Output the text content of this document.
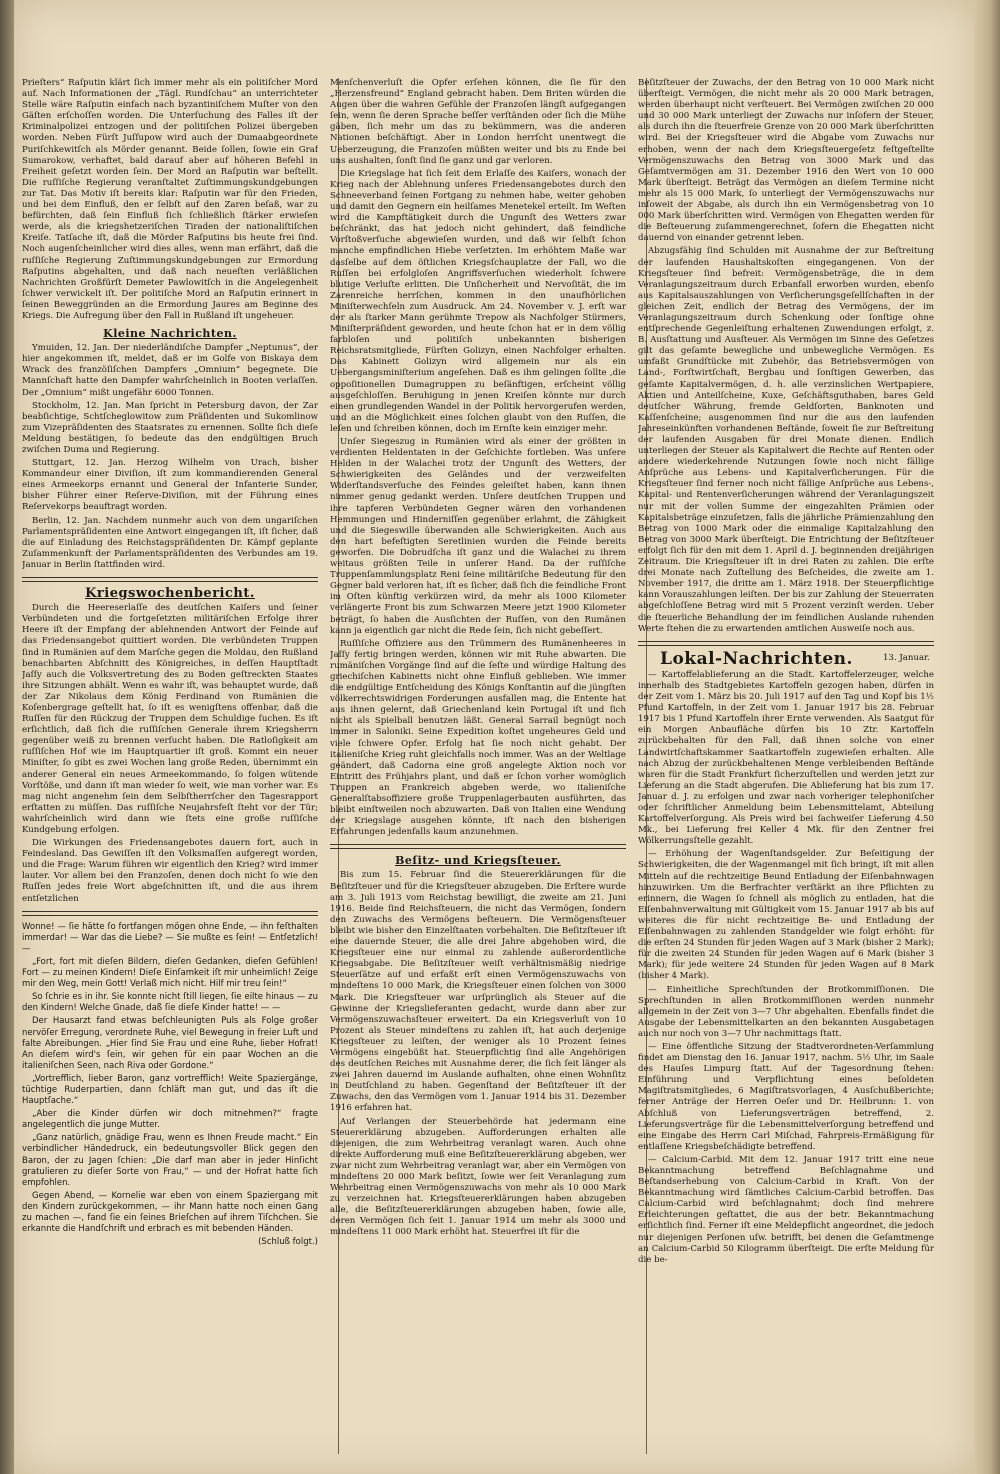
Prieſters“ Raſputin klärt ſich immer mehr als ein politiſcher Mord auf. Nach Informationen der „Tägl. Rundſchau“ an unterrichteter Stelle wäre Raſputin einfach nach byzantiniſchem Muſter von den Gäſten erſchoſſen worden. Die Unterſuchung des Falles iſt der Kriminalpolizei entzogen und der politiſchen Polizei übergeben worden. Neben Fürſt Juſſupow wird auch der Dumaabgeordnete Puriſchkewitſch als Mörder genannt. Beide ſollen, ſowie ein Graf Sumarokow, verhaftet, bald darauf aber auf höheren Befehl in Freiheit geſetzt worden ſein. Der Mord an Raſputin war beſtellt. Die ruſſiſche Regierung veranſtaltet Zuſtimmungskundgebungen zur Tat. Das Motiv iſt bereits klar: Raſputin war für den Frieden, und bei dem Einfluß, den er ſelbſt auf den Zaren beſaß, war zu befürchten, daß ſein Einfluß ſich ſchließlich ſtärker erwieſen werde, als die kriegshetzeriſchen Tiraden der nationaliſtiſchen Kreiſe. Tatſache iſt, daß die Mörder Raſputins bis heute frei ſind. Noch augenſcheinlicher wird dies alles, wenn man erfährt, daß die ruſſiſche Regierung Zuſtimmungskundgebungen zur Ermordung Raſputins abgehalten, und daß nach neueſten verläßlichen Nachrichten Großfürſt Demeter Pawlowitſch in die Angelegenheit ſchwer verwickelt iſt. Der politiſche Mord an Raſputin erinnert in ſeinen Beweggründen an die Ermordung Jaures am Beginne des Kriegs. Die Aufregung über den Fall in Rußland iſt ungeheuer.

Kleine Nachrichten.

Ymuiden, 12. Jan. Der niederländiſche Dampfer „Neptunus“, der hier angekommen iſt, meldet, daß er im Golfe von Biskaya dem Wrack des franzöſiſchen Dampfers „Omnium“ begegnete. Die Mannſchaft hatte den Dampfer wahrſcheinlich in Booten verlaſſen. Der „Omnium“ mißt ungefähr 6000 Tonnen.

Stockholm, 12. Jan. Man ſpricht in Petersburg davon, der Zar beabſichtige, Schtſcheglowitow zum Präſidenten und Sukomlinow zum Vizepräſidenten des Staatsrates zu ernennen. Sollte ſich dieſe Meldung bestätigen, ſo bedeute das den endgültigen Bruch zwiſchen Duma und Regierung.

Stuttgart, 12. Jan. Herzog Wilhelm von Urach, bisher Kommandeur einer Diviſion, iſt zum kommandierenden General eines Armeekorps ernannt und General der Infanterie Sunder, bisher Führer einer Reſerve-Diviſion, mit der Führung eines Reſervekorps beauftragt worden.

Berlin, 12. Jan. Nachdem nunmehr auch von dem ungariſchen Parlamentspräſidenten eine Antwort eingegangen iſt, iſt ſicher, daß die auf Einladung des Reichstagspräſidenten Dr. Kämpf geplante Zuſammenkunft der Parlamentspräſidenten des Verbundes am 19. Januar in Berlin ſtattfinden wird.

Kriegswochenbericht.

Durch die Heereserlaſſe des deutſchen Kaiſers und ſeiner Verbündeten und die fortgeſetzten militäriſchen Erfolge ihrer Heere iſt der Empfang der ablehnenden Antwort der Feinde auf das Friedensangebot quittiert worden. Die verbündeten Truppen ſind in Rumänien auf dem Marſche gegen die Moldau, den Rußland benachbarten Abſchnitt des Königreiches, in deſſen Hauptſtadt Jaſſy auch die Volksvertretung des zu Boden geſtreckten Staates ihre Sitzungen abhält. Wenn es wahr iſt, was behauptet wurde, daß der Zar Nikolaus dem König Ferdinand von Rumänien die Koſenbergrage geſtellt hat, ſo iſt es wenigſtens offenbar, daß die Ruſſen für den Rückzug der Truppen dem Schuldige ſuchen. Es iſt erſichtlich, daß ſich die ruſſiſchen Generale ihrem Kriegsherrn gegenüber weiß zu brennen verſucht haben. Die Ratloſigkeit am ruſſiſchen Hof wie im Hauptquartier iſt groß. Kommt ein neuer Miniſter, ſo gibt es zwei Wochen lang große Reden, übernimmt ein anderer General ein neues Armeekommando, ſo folgen wütende Vorſtöße, und dann iſt man wieder ſo weit, wie man vorher war. Es mag nicht angenehm ſein dem Selbſtherrſcher den Tagesrapport erſtatten zu müſſen. Das ruſſiſche Neujahrsfeſt ſteht vor der Tür; wahrſcheinlich wird dann wie ſtets eine große ruſſiſche Kundgebung erfolgen.

Die Wirkungen des Friedensangebotes dauern fort, auch in Feindesland. Das Gewiſſen iſt den Volksmaſſen aufgeregt worden, und die Frage: Warum führen wir eigentlich den Krieg? wird immer lauter. Vor allem bei den Franzoſen, denen doch nicht ſo wie den Ruſſen jedes freie Wort abgeſchnitten iſt, und die aus ihrem entſetzlichen

Wonne! — ſie hätte ſo fortfangen mögen ohne Ende, — ihn feſthalten immerdar! — War das die Liebe? — Sie mußte es ſein! — Entſetzlich! —

„Fort, fort mit dieſen Bildern, dieſen Gedanken, dieſen Gefühlen! Fort — zu meinen Kindern! Dieſe Einſamkeit iſt mir unheimlich! Zeige mir den Weg, mein Gott! Verlaß mich nicht. Hilf mir treu ſein!“

So ſchrie es in ihr. Sie konnte nicht ſtill liegen, ſie eilte hinaus — zu den Kindern! Welche Gnade, daß ſie dieſe Kinder hatte! — —

Der Hausarzt fand etwas beſchleunigten Puls als Folge großer nervöſer Erregung, verordnete Ruhe, viel Bewegung in freier Luft und falte Abreibungen. „Hier ſind Sie Frau und eine Ruhe, lieber Hofrat! An dieſem wird's ſein, wir gehen für ein paar Wochen an die italieniſchen Seen, nach Riva oder Gordone.“

„Vortrefflich, lieber Baron, ganz vortrefflich! Weite Spaziergänge, tüchtige Ruderpartien, dann ſchläft man gut, und das iſt die Hauptſache.“

„Aber die Kinder dürfen wir doch mitnehmen?“ fragte angelegentlich die junge Mutter.

„Ganz natürlich, gnädige Frau, wenn es Ihnen Freude macht.“ Ein verbindlicher Händedruck, ein bedeutungsvoller Blick gegen den Baron, der zu Jagen ſchien: „Die darf man aber in jeder Hinſicht gratulieren zu dieſer Sorte von Frau,“ — und der Hofrat hatte ſich empfohlen.

Gegen Abend, — Kornelie war eben von einem Spaziergang mit den Kindern zurückgekommen, — ihr Mann hatte noch einen Gang zu machen —, fand ſie ein ſeines Brieſchen auf ihrem Tiſchchen. Sie erkannte die Handſchrift und erbrach es mit bebenden Händen.

(Schluß folgt.)

Menſchenverluſt die Opfer erſehen können, die ſie für den „Herzensfreund“ England gebracht haben. Dem Briten würden die Augen über die wahren Gefühle der Franzoſen längſt aufgegangen ſein, wenn ſie deren Sprache beſſer verſtänden oder ſich die Mühe gäben, ſich mehr um das zu bekümmern, was die anderen Nationen beſchäftigt. Aber in London herrſcht unentwegt die Ueberzeugung, die Franzoſen müßten weiter und bis zu Ende bei uns aushalten, ſonſt ſind ſie ganz und gar verloren.

Die Kriegslage hat ſich ſeit dem Erlaſſe des Kaiſers, wonach der Krieg nach der Ablehnung unſeres Friedensangebotes durch den Schneeverband ſeinen Fortgang zu nehmen habe, weiter gehoben und damit den Gegnern ein heilſames Menetekel erteilt. Im Weſten wird die Kampftätigkeit durch die Ungunſt des Wetters zwar beſchränkt, das hat jedoch nicht gehindert, daß feindliche Vorſtoßverſuche abgewieſen wurden, und daß wir ſelbſt ſchon manche empfindlichen Hiebe verſetzten. Im erhöhtem Maße war dasſelbe auf dem öſtlichen Kriegsſchauplatze der Fall, wo die Ruſſen bei erfolgloſen Angriffsverſuchen wiederholt ſchwere blutige Verluſte erlitten. Die Unſicherheit und Nervoſität, die im Zarenreiche herrſchen, kommen in den unaufhörlichen Miniſterwechſeln zum Ausdruck. Am 24. November v. J. erſt war der als ſtarker Mann gerühmte Trepow als Nachfolger Stürmers, Miniſterpräſident geworden, und heute ſchon hat er in dem völlig farbloſen und politiſch unbekannten bisherigen Reichsratsmitgliede, Fürſten Golizyn, einen Nachfolger erhalten. Das Kabinett Golizyn wird allgemein nur als ein Uebergangsminiſterium angeſehen. Daß es ihm gelingen ſollte ,die oppoſitionellen Dumagruppen zu beſänftigen, erſcheint völlig ausgeſchloſſen. Beruhigung in jenen Kreiſen könnte nur durch einen grundlegenden Wandel in der Politik hervorgerufen werden, und an die Möglichkeit eines ſolchen glaubt von den Ruſſen, die leſen und ſchreiben können, doch im Ernſte kein einziger mehr.

Unſer Siegeszug in Rumänien wird als einer der größten in verdienten Heldentaten in der Geſchichte fortleben. Was unſere Helden in der Walachei trotz der Ungunſt des Wetters, der Schwierigkeiten des Geländes und der verzweifelten Widerſtandsverſuche des Feindes geleiſtet haben, kann ihnen nimmer genug gedankt werden. Unſere deutſchen Truppen und ihre tapferen Verbündeten Gegner wären den vorhandenen Hemmungen und Hinderniſſen gegenüber erlahmt, die Zähigkeit und die Siegeswille überwanden alle Schwierigkeiten. Auch aus den hart befeſtigten Seretlinien wurden die Feinde bereits geworfen. Die Dobrudſcha iſt ganz und die Walachei zu ihrem weitaus größten Teile in unſerer Hand. Da der ruſſiſche Truppenſammlungsplatz Reni ſeine militäriſche Bedeutung für den Gegner bald verloren hat, iſt es ſicher, daß ſich die feindliche Front im Oſten künftig verkürzen wird, da mehr als 1000 Kilometer verlängerte Front bis zum Schwarzen Meere jetzt 1900 Kilometer beträgt, ſo haben die Ausſichten der Ruſſen, von den Rumänen kann ja eigentlich gar nicht die Rede ſein, ſich nicht gebeſſert.

Ruſſiſche Offiziere aus den Trümmern des Rumänenheeres in Jaſſy fertig bringen werden, können wir mit Ruhe abwarten. Die rumäniſchen Vorgänge ſind auf die ſeſte und würdige Haltung des griechiſchen Kabinetts nicht ohne Einfluß geblieben. Wie immer die endgültige Entſcheidung des Königs Konſtantin auf die jüngſten völkerrechtswidrigen Forderungen ausfallen mag, die Entente hat aus ihnen gelernt, daß Griechenland kein Portugal iſt und ſich nicht als Spielball benutzen läßt. General Sarrail begnügt noch immer in Saloniki. Seine Expedition koſtet ungeheures Geld und viele ſchwere Opfer. Erfolg hat ſie noch nicht gehabt. Der italieniſche Krieg ruht gleichfalls noch immer. Was an der Weltlage geändert, daß Cadorna eine groß angelegte Aktion noch vor Eintritt des Frühjahrs plant, und daß er ſchon vorher womöglich Truppen an Frankreich abgeben werde, wo italieniſche Generalſtabsoffiziere große Truppenlagerbauten ausführten, das bleibt einſtweilen noch abzuwarten. Daß von Italien eine Wendung der Kriegslage ausgehen könnte, iſt nach den bisherigen Erfahrungen jedenfalls kaum anzunehmen.

Beſitz- und Kriegsſteuer.

Bis zum 15. Februar ſind die Steuererklärungen für die Beſitzſteuer und für die Kriegsſteuer abzugeben. Die Erſtere wurde am 3. Juli 1913 vom Reichstag bewilligt, die zweite am 21. Juni 1916. Beide ſind Reichsſteuern, die nicht das Vermögen, ſondern den Zuwachs des Vermögens beſteuern. Die Vermögensſteuer bleibt wie bisher den Einzelſtaaten vorbehalten. Die Beſitzſteuer iſt eine dauernde Steuer, die alle drei Jahre abgehoben wird, die Kriegsſteuer eine nur einmal zu zahlende außerordentliche Kriegsabgabe. Die Beſitzſteuer weiſt verhältnismäßig niedrige Steuerſätze auf und erfaßt erſt einen Vermögenszuwachs von mindeſtens 10 000 Mark, die Kriegsſteuer einen ſolchen von 3000 Mark. Die Kriegsſteuer war urſprünglich als Steuer auf die Gewinne der Kriegslieferanten gedacht, wurde dann aber zur Vermögenszuwachsſteuer erweitert. Da ein Kriegsverluſt von 10 Prozent als Steuer mindeſtens zu zahlen iſt, hat auch derjenige Kriegsſteuer zu leiſten, der weniger als 10 Prozent ſeines Vermögens eingebüßt hat. Steuerpflichtig ſind alle Angehörigen des deutſchen Reiches mit Ausnahme derer, die ſich ſeit länger als zwei Jahren dauernd im Auslande aufhalten, ohne einen Wohnſitz in Deutſchland zu haben. Gegenſtand der Beſitzſteuer iſt der Zuwachs, den das Vermögen vom 1. Januar 1914 bis 31. Dezember 1916 erfahren hat.

Auf Verlangen der Steuerbehörde hat jedermann eine Steuererklärung abzugeben. Aufforderungen erhalten alle diejenigen, die zum Wehrbeitrag veranlagt waren. Auch ohne direkte Aufforderung muß eine Beſitzſteuererklärung abgeben, wer zwar nicht zum Wehrbeitrag veranlagt war, aber ein Vermögen von mindeſtens 20 000 Mark beſitzt, ſowie wer ſeit Veranlagung zum Wehrbeitrag einen Vermögenszuwachs von mehr als 10 000 Mark zu verzeichnen hat. Kriegsſteuererklärungen haben abzugeben alle, die Beſitzſteuererklärungen abzugeben haben, ſowie alle, deren Vermögen ſich ſeit 1. Januar 1914 um mehr als 3000 und mindeſtens 11 000 Mark erhöht hat. Steuerfrei iſt für die

Beſitzſteuer der Zuwachs, der den Betrag von 10 000 Mark nicht überſteigt. Vermögen, die nicht mehr als 20 000 Mark betragen, werden überhaupt nicht verſteuert. Bei Vermögen zwiſchen 20 000 und 30 000 Mark unterliegt der Zuwachs nur inſofern der Steuer, als durch ihn die ſteuerfreie Grenze von 20 000 Mark überſchritten wird. Bei der Kriegsſteuer wird die Abgabe vom Zuwachs nur erhoben, wenn der nach dem Kriegsſteuergeſetz feſtgeſtellte Vermögenszuwachs den Betrag von 3000 Mark und das Geſamtvermögen am 31. Dezember 1916 den Wert von 10 000 Mark überſteigt. Beträgt das Vermögen an dieſem Termine nicht mehr als 15 000 Mark, ſo unterliegt der Vermögenszuwachs nur inſoweit der Abgabe, als durch ihn ein Vermögensbetrag von 10 000 Mark überſchritten wird. Vermögen von Ehegatten werden für die Beſteuerung zuſammengerechnet, ſofern die Ehegatten nicht dauernd von einander getrennt leben.

Abzugsfähig ſind Schulden mit Ausnahme der zur Beſtreitung der laufenden Haushaltskoſten eingegangenen. Von der Kriegsſteuer ſind befreit: Vermögensbeträge, die in dem Veranlagungszeitraum durch Erbanfall erworben wurden, ebenſo aus Kapitalsauszahlungen von Verſicherungsgeſellſchaften in der gleichen Zeit, endlich der Betrag des Vermögens, der im Veranlagungszeitraum durch Schenkung oder ſonſtige ohne entſprechende Gegenleiſtung erhaltenen Zuwendungen erfolgt, z. B. Ausſtattung und Ausſteuer. Als Vermögen im Sinne des Geſetzes gilt das geſamte bewegliche und unbewegliche Vermögen. Es umfaßt Grundſtücke mit Zubehör, das Betriebsvermögen von Land-, Forſtwirtſchaft, Bergbau und ſonſtigen Gewerben, das geſamte Kapitalvermögen, d. h. alle verzinslichen Wertpapiere, Aktien und Anteilſcheine, Kuxe, Geſchäftsguthaben, bares Geld deutſcher Währung, fremde Geldſorten, Banknoten und Kaſſenſcheine; ausgenommen ſind nur die aus den laufenden Jahreseinkünften vorhandenen Beſtände, ſoweit ſie zur Beſtreitung der laufenden Ausgaben für drei Monate dienen. Endlich unterliegen der Steuer als Kapitalwert die Rechte auf Renten oder andere wiederkehrende Nutzungen ſowie noch nicht fällige Anſprüche aus Lebens- und Kapitalverſicherungen. Für die Kriegsſteuer ſind ferner noch nicht fällige Anſprüche aus Lebens-, Kapital- und Rentenverſicherungen während der Veranlagungszeit nur mit der vollen Summe der eingezahlten Prämien oder Kapitalsbeträge einzuſetzen, falls die jährliche Prämienzahlung den Betrag von 1000 Mark oder die einmalige Kapitalzahlung den Betrag von 3000 Mark überſteigt. Die Entrichtung der Beſitzſteuer erfolgt ſich für den mit dem 1. April d. J. beginnenden dreijährigen Zeitraum. Die Kriegsſteuer iſt in drei Raten zu zahlen. Die erſte drei Monate nach Zuſtellung des Beſcheides, die zweite am 1. November 1917, die dritte am 1. März 1918. Der Steuerpflichtige kann Vorauszahlungen leiſten. Der bis zur Zahlung der Steuerraten abgeſchloſſene Betrag wird mit 5 Prozent verzinſt werden. Ueber die ſteuerliche Behandlung der im feindlichen Auslande ruhenden Werte ſtehen die zu erwartenden amtlichen Ausweiſe noch aus.

Lokal-Nachrichten.	13. Januar.

— Kartoffelablieferung an die Stadt. Kartoffelerzeuger, welche innerhalb des Stadtgebietes Kartoffeln gezogen haben, dürfen in der Zeit vom 1. März bis 20. Juli 1917 auf den Tag und Kopf bis 1½ Pfund Kartoffeln, in der Zeit vom 1. Januar 1917 bis 28. Februar 1917 bis 1 Pfund Kartoffeln ihrer Ernte verwenden. Als Saatgut für ein Morgen Anbaufläche dürfen bis 10 Ztr. Kartoffeln zurückbehalten für den Fall, daß ihnen solche von einer Landwirtſchaftskammer Saatkartoffeln zugewieſen erhalten. Alle nach Abzug der zurückbehaltenen Menge verbleibenden Beſtände waren für die Stadt Frankfurt ſicherzuſtellen und werden jetzt zur Lieferung an die Stadt abgerufen. Die Ablieferung hat bis zum 17. Januar d. J. zu erfolgen und zwar nach vorheriger telephoniſcher oder ſchriftlicher Anmeldung beim Lebensmittelamt, Abteilung Kartoffelverſorgung. Als Preis wird bei ſachweiſer Lieferung 4.50 Mk., bei Lieferung frei Keller 4 Mk. für den Zentner frei Wölkerrungsſtelle gezahlt.

— Erhöhung der Wagenſtandsgelder. Zur Beſeitigung der Schwierigkeiten, die der Wagenmangel mit ſich bringt, iſt mit allen Mitteln auf die rechtzeitige Beund Entladung der Eiſenbahnwagen hinzuwirken. Um die Berfrachter verſtärkt an ihre Pflichten zu erinnern, die Wagen ſo ſchnell als möglich zu entladen, hat die Eiſenbahnverwaltung mit Gültigkeit vom 15. Januar 1917 ab bis auf weiteres die für nicht rechtzeitige Be- und Entladung der Eiſenbahnwagen zu zahlenden Standgelder wie folgt erhöht: für die erſten 24 Stunden für jeden Wagen auf 3 Mark (bisher 2 Mark); für die zweiten 24 Stunden für jeden Wagen auf 6 Mark (bisher 3 Mark); für jede weitere 24 Stunden für jeden Wagen auf 8 Mark (bisher 4 Mark).

— Einheitliche Sprechſtunden der Brotkommiſſionen. Die Sprechſtunden in allen Brotkommiſſionen werden nunmehr allgemein in der Zeit von 3—7 Uhr abgehalten. Ebenfalls findet die Ausgabe der Lebensmittelkarten an den bekannten Ausgabetagen auch nur noch von 3—7 Uhr nachmittags ſtatt.

— Eine öffentliche Sitzung der Stadtverordneten-Verſammlung findet am Dienstag den 16. Januar 1917, nachm. 5½ Uhr, im Saale des Hauſes Limpurg ſtatt. Auf der Tagesordnung ſtehen: Einführung und Verpflichtung eines beſoldeten Magiſtratsmitgliedes, 6 Magiſtratsvorlagen, 4 Ausſchußberichte; ferner Anträge der Herren Oeſer und Dr. Heilbrunn: 1. von Abſchluß von Lieferungsverträgen betreffend, 2. Lieferungsverträge für die Lebensmittelverſorgung betreffend und eine Eingabe des Herrn Carl Miſchad, Fahrpreis-Ermäßigung für entlaſſene Kriegsbeſchädigte betreffend.

— Calcium-Carbid. Mit dem 12. Januar 1917 tritt eine neue Bekanntmachung betreffend Beſchlagnahme und Beſtandserhebung von Calcium-Carbid in Kraft. Von der Bekanntmachung wird ſämtliches Calcium-Carbid betroffen. Das Calcium-Carbid wird beſchlagnahmt; doch ſind mehrere Erleichterungen geſtattet, die aus der betr. Bekanntmachung erſichtlich ſind. Ferner iſt eine Meldepflicht angeordnet, die jedoch nur diejenigen Perſonen uſw. betrifft, bei denen die Geſamtmenge an Calcium-Carbid 50 Kilogramm überſteigt. Die erſte Meldung für die be-
